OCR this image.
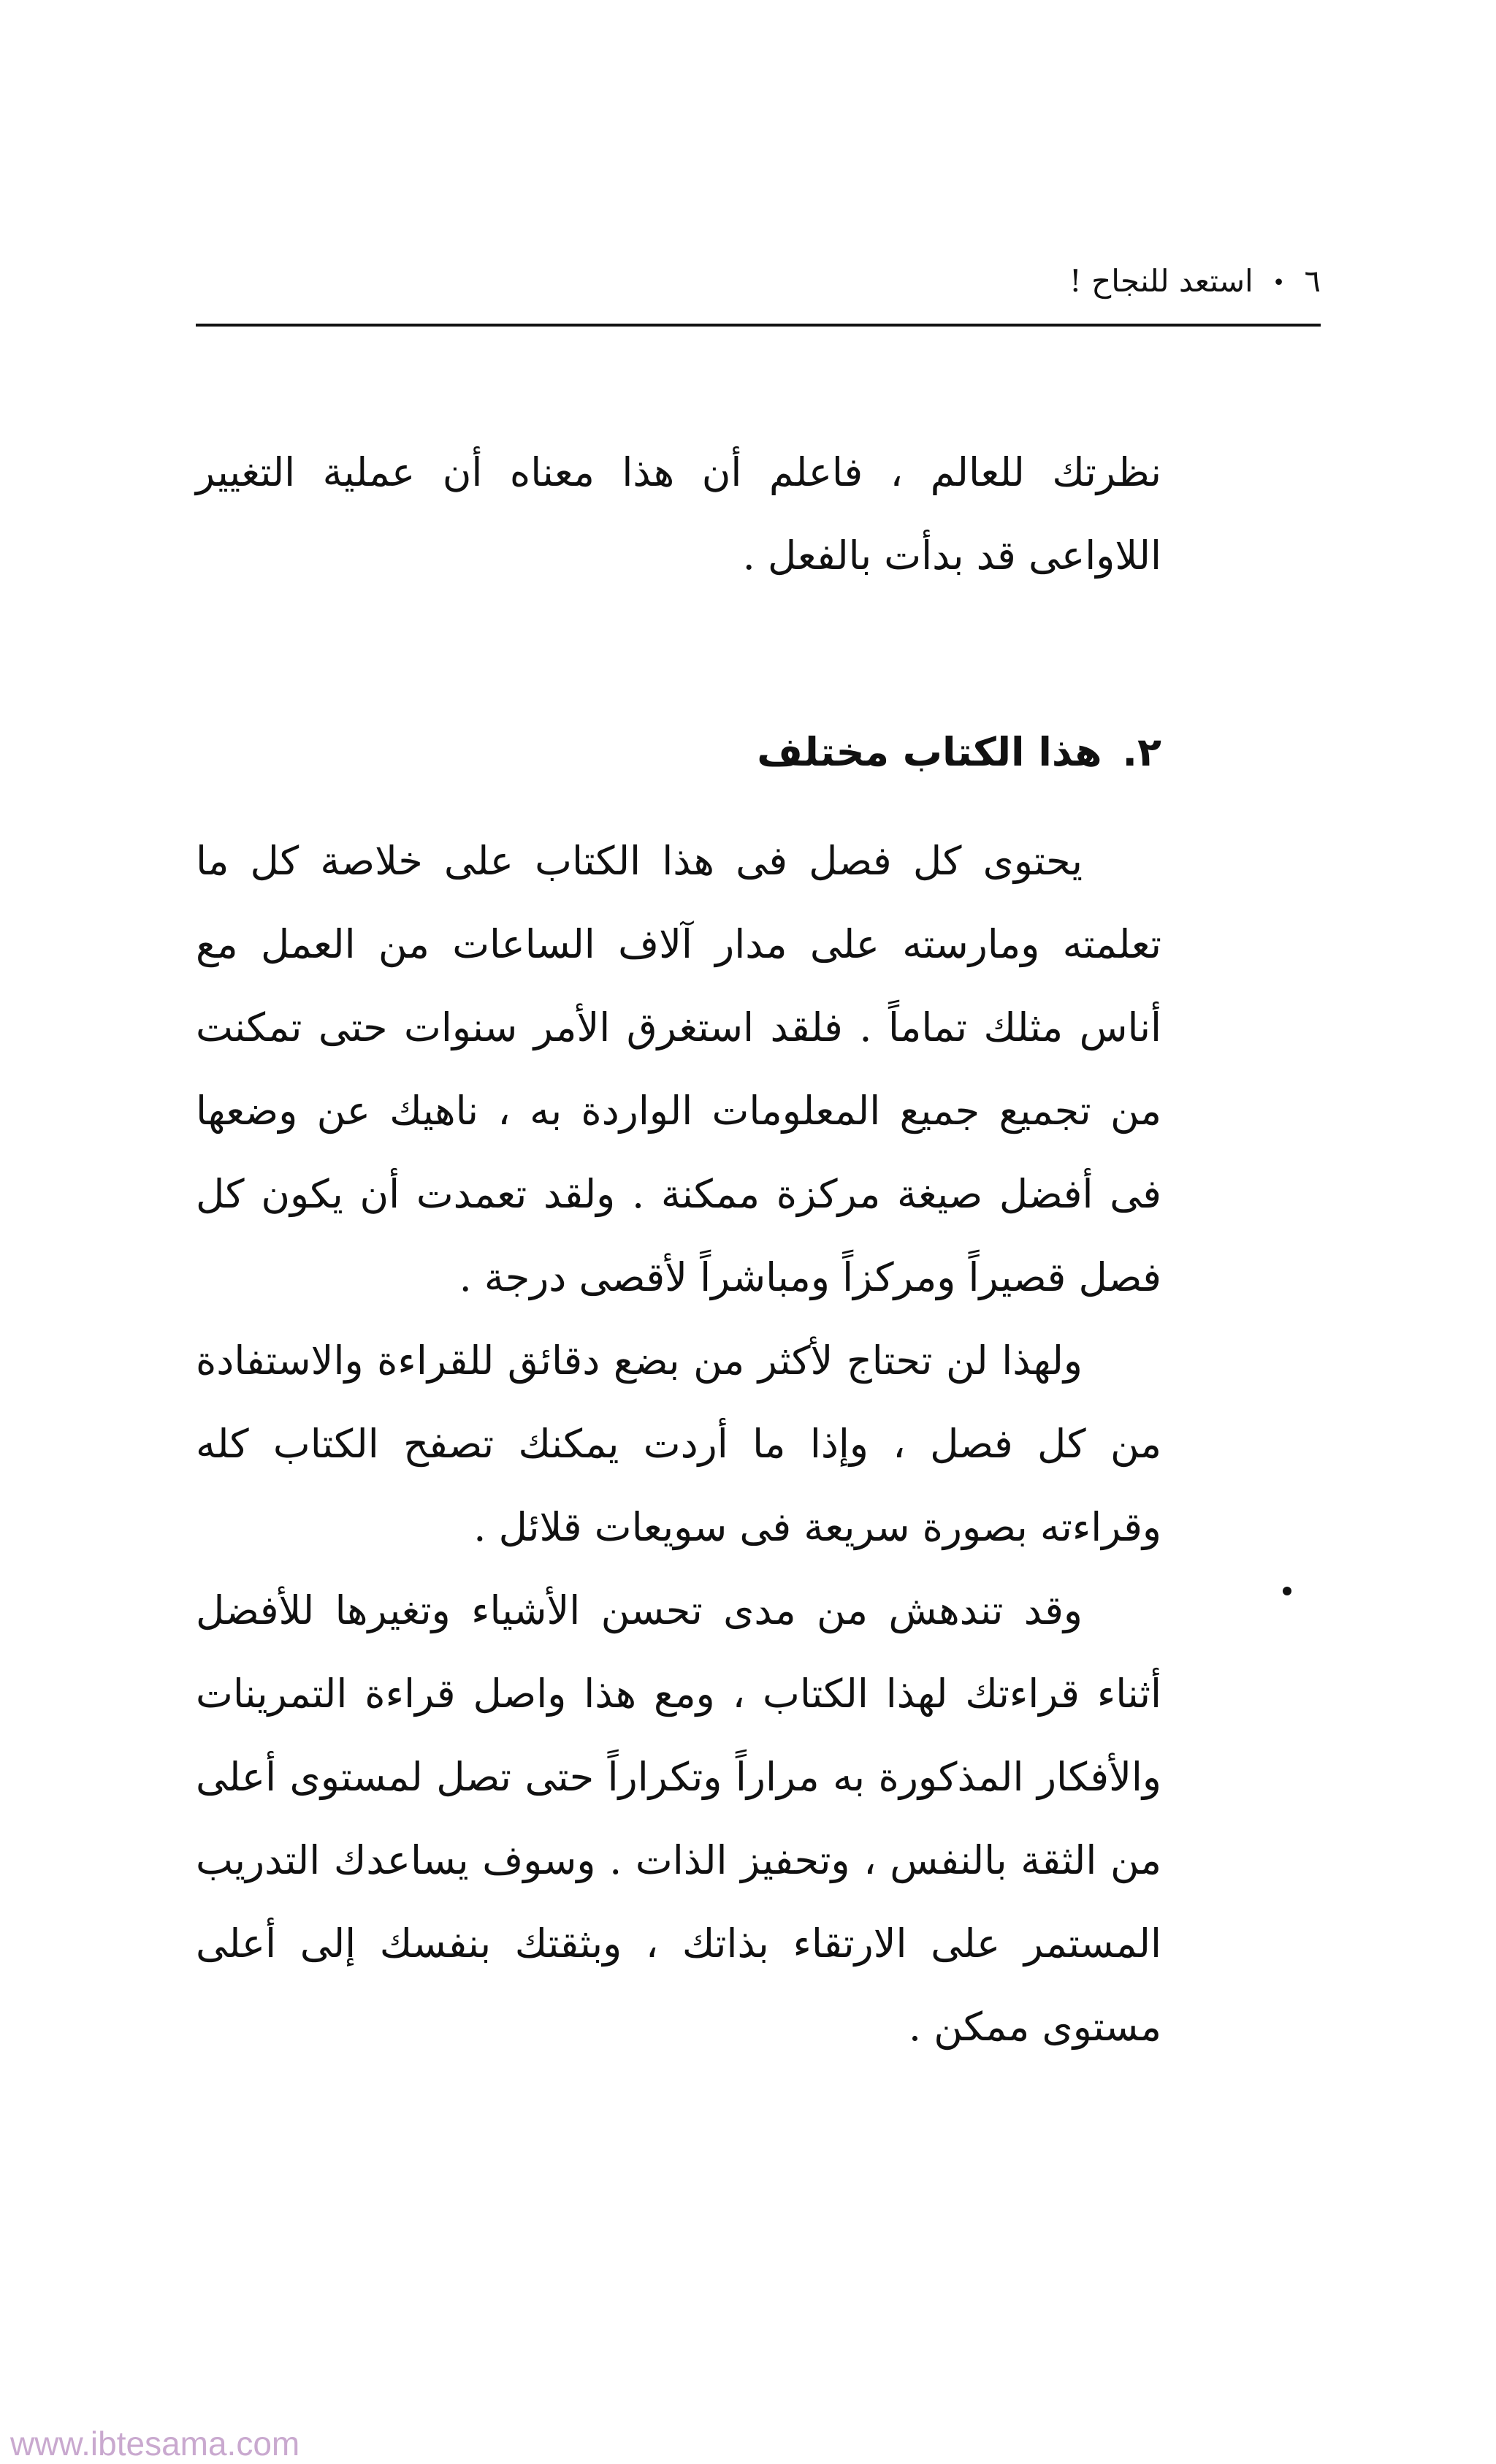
٦•استعد للنجاح !

نظرتك للعالم ، فاعلم أن هذا معناه أن عملية التغيير اللاواعى قد بدأت بالفعل .

٢.هذا الكتاب مختلف

يحتوى كل فصل فى هذا الكتاب على خلاصة كل ما تعلمته ومارسته على مدار آلاف الساعات من العمل مع أناس مثلك تماماً . فلقد استغرق الأمر سنوات حتى تمكنت من تجميع جميع المعلومات الواردة به ، ناهيك عن وضعها فى أفضل صيغة مركزة ممكنة . ولقد تعمدت أن يكون كل فصل قصيراً ومركزاً ومباشراً لأقصى درجة .

ولهذا لن تحتاج لأكثر من بضع دقائق للقراءة والاستفادة من كل فصل ، وإذا ما أردت يمكنك تصفح الكتاب كله وقراءته بصورة سريعة فى سويعات قلائل .

وقد تندهش من مدى تحسن الأشياء وتغيرها للأفضل أثناء قراءتك لهذا الكتاب ، ومع هذا واصل قراءة التمرينات والأفكار المذكورة به مراراً وتكراراً حتى تصل لمستوى أعلى من الثقة بالنفس ، وتحفيز الذات . وسوف يساعدك التدريب المستمر على الارتقاء بذاتك ، وبثقتك بنفسك إلى أعلى مستوى ممكن .

www.ibtesama.com
